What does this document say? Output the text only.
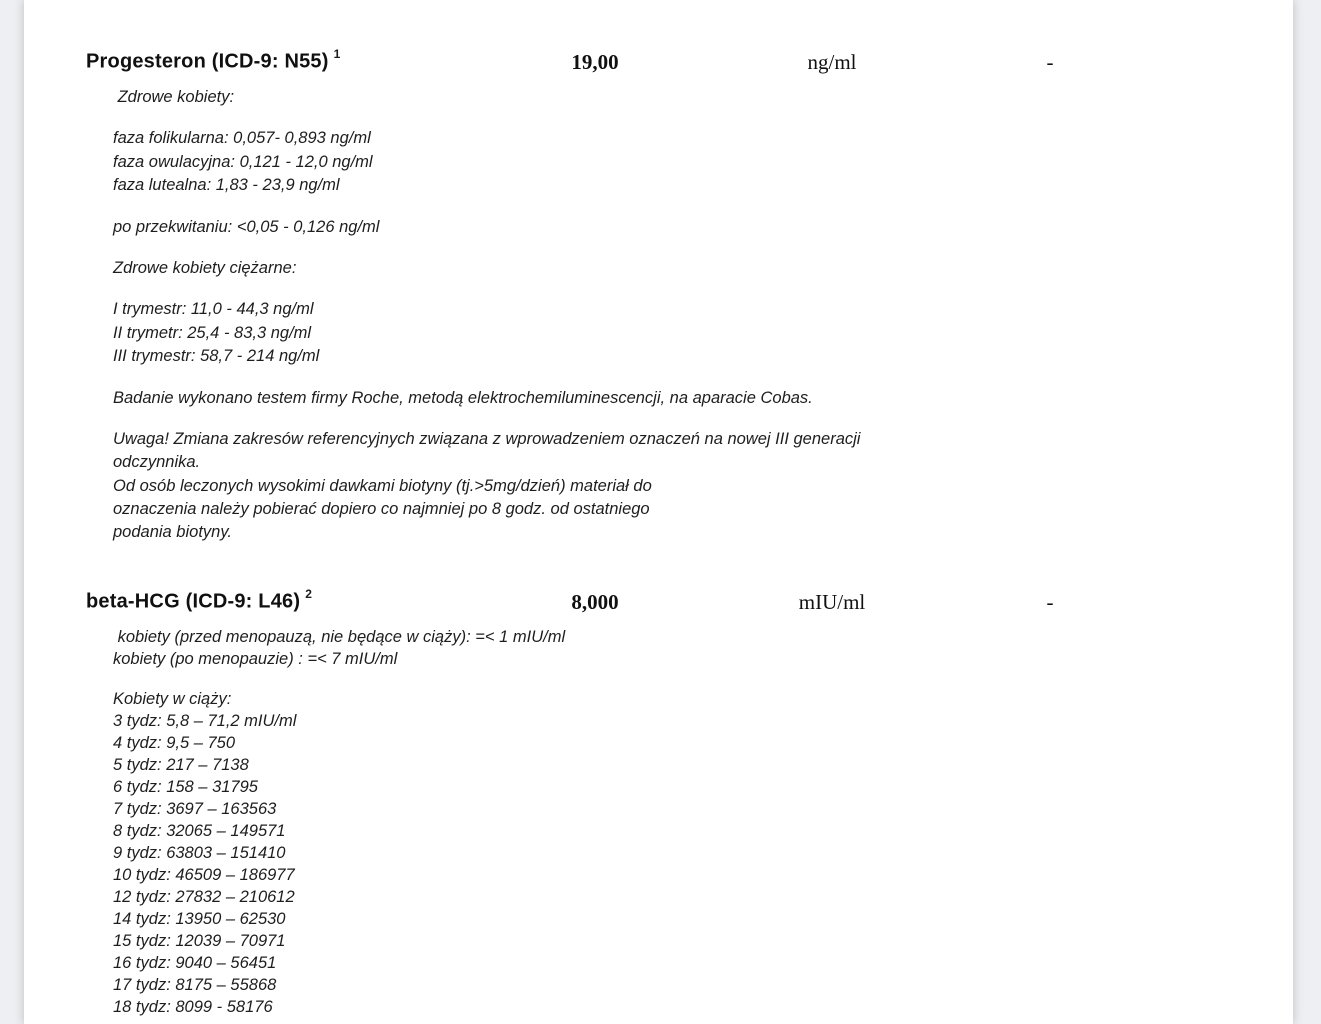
Progesteron (ICD-9: N55) $^1$	19,00	ng/ml	-
Zdrowe kobiety:
faza folikularna: 0,057- 0,893 ng/ml
faza owulacyjna: 0,121 - 12,0 ng/ml
faza lutealna: 1,83 - 23,9 ng/ml
po przekwitaniu: <0,05 - 0,126 ng/ml
Zdrowe kobiety ciężarne:
I trymestr: 11,0 - 44,3 ng/ml
II trymetr: 25,4 - 83,3 ng/ml
III trymestr: 58,7 - 214 ng/ml
Badanie wykonano testem firmy Roche, metodą elektrochemiluminescencji, na aparacie Cobas.
Uwaga! Zmiana zakresów referencyjnych związana z wprowadzeniem oznaczeń na nowej III generacji
odczynnika.
Od osób leczonych wysokimi dawkami biotyny (tj.>5mg/dzień) materiał do
oznaczenia należy pobierać dopiero co najmniej po 8 godz. od ostatniego
podania biotyny.
beta-HCG (ICD-9: L46) $^2$	8,000	mIU/ml	-
kobiety (przed menopauzą, nie będące w ciąży): =< 1 mIU/ml
kobiety (po menopauzie) : =< 7 mIU/ml
Kobiety w ciąży:
3 tydz: 5,8 – 71,2 mIU/ml
4 tydz: 9,5 – 750
5 tydz: 217 – 7138
6 tydz: 158 – 31795
7 tydz: 3697 – 163563
8 tydz: 32065 – 149571
9 tydz: 63803 – 151410
10 tydz: 46509 – 186977
12 tydz: 27832 – 210612
14 tydz: 13950 – 62530
15 tydz: 12039 – 70971
16 tydz: 9040 – 56451
17 tydz: 8175 – 55868
18 tydz: 8099 - 58176
